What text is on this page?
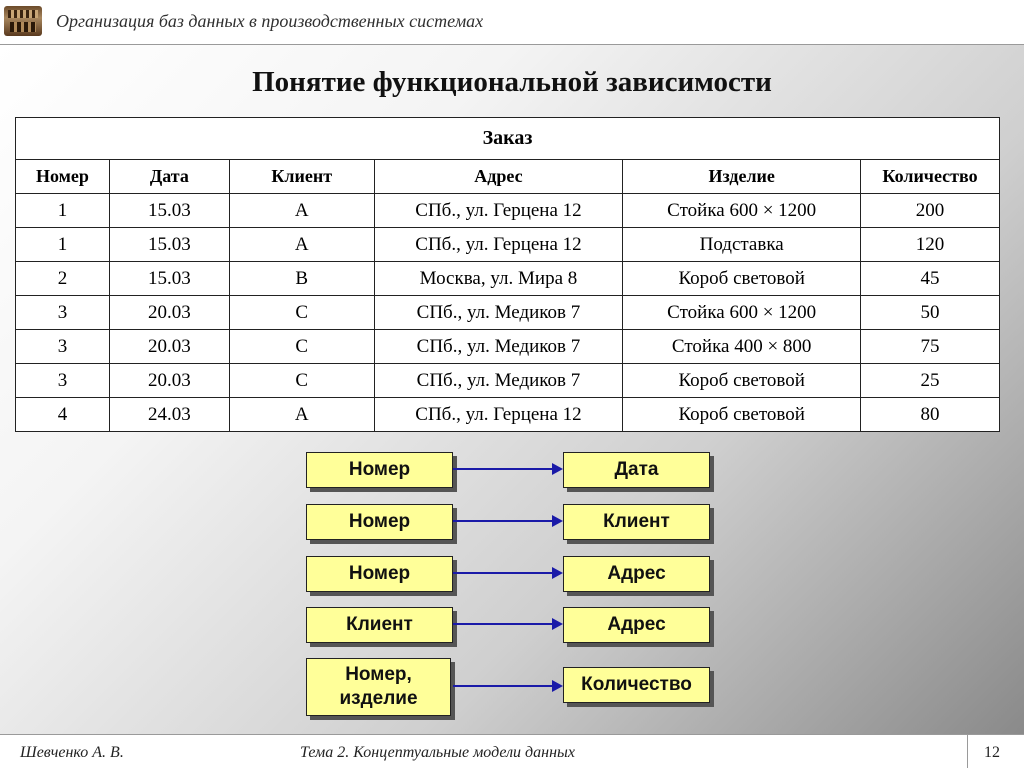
Организация баз данных в производственных системах
Понятие функциональной зависимости
Заказ					
Номер	Дата	Клиент	Адрес	Изделие	Количество
1	15.03	A	СПб., ул. Герцена 12	Стойка 600 × 1200	200
1	15.03	A	СПб., ул. Герцена 12	Подставка	120
2	15.03	B	Москва, ул. Мира 8	Короб световой	45
3	20.03	C	СПб., ул. Медиков 7	Стойка 600 × 1200	50
3	20.03	C	СПб., ул. Медиков 7	Стойка 400 × 800	75
3	20.03	C	СПб., ул. Медиков 7	Короб световой	25
4	24.03	A	СПб., ул. Герцена 12	Короб световой	80
Номер	Дата
Номер	Клиент
Номер	Адрес
Клиент	Адрес
Номер, изделие
Количество
Шевченко А. В.	Тема 2. Концептуальные модели данных	12
